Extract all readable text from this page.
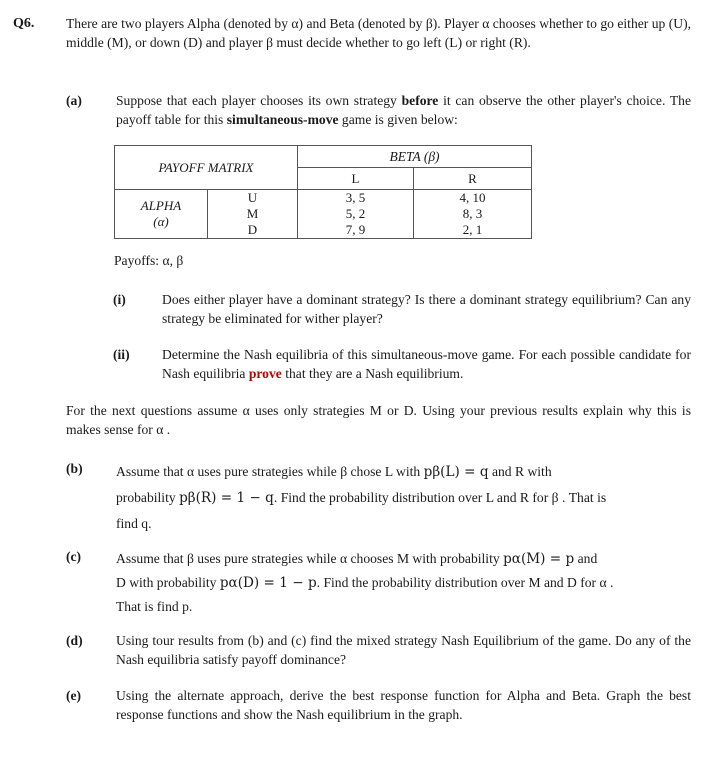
Q6. There are two players Alpha (denoted by α) and Beta (denoted by β). Player α chooses whether to go either up (U), middle (M), or down (D) and player β must decide whether to go left (L) or right (R).
(a)	Suppose that each player chooses its own strategy before it can observe the other player's choice. The payoff table for this simultaneous-move game is given below:
PAYOFF MATRIX		BETA (β)	
		L	R

ALPHA
(α)	U	3, 5	4, 10
	M	5, 2	8, 3
	D	7, 9	2, 1
Payoffs: α, β
(i)	Does either player have a dominant strategy? Is there a dominant strategy equilibrium? Can any strategy be eliminated for wither player?
(ii) Determine the Nash equilibria of this simultaneous-move game. For each possible candidate for Nash equilibria prove that they are a Nash equilibrium.
For the next questions assume α uses only strategies M or D. Using your previous results explain why this is makes sense for α .
(b) Assume that α uses pure strategies while β chose L with pβ(L) = q and R with
probability pβ(R) = 1 − q. Find the probability distribution over L and R for β . That is
find q.
(c)	Assume that β uses pure strategies while α chooses M with probability pα(M) = p and
D with probability pα(D) = 1 − p. Find the probability distribution over M and D for α .
That is find p.
(d) Using tour results from (b) and (c) find the mixed strategy Nash Equilibrium of the game. Do any of the Nash equilibria satisfy payoff dominance?
(e)	Using the alternate approach, derive the best response function for Alpha and Beta. Graph the best response functions and show the Nash equilibrium in the graph.
